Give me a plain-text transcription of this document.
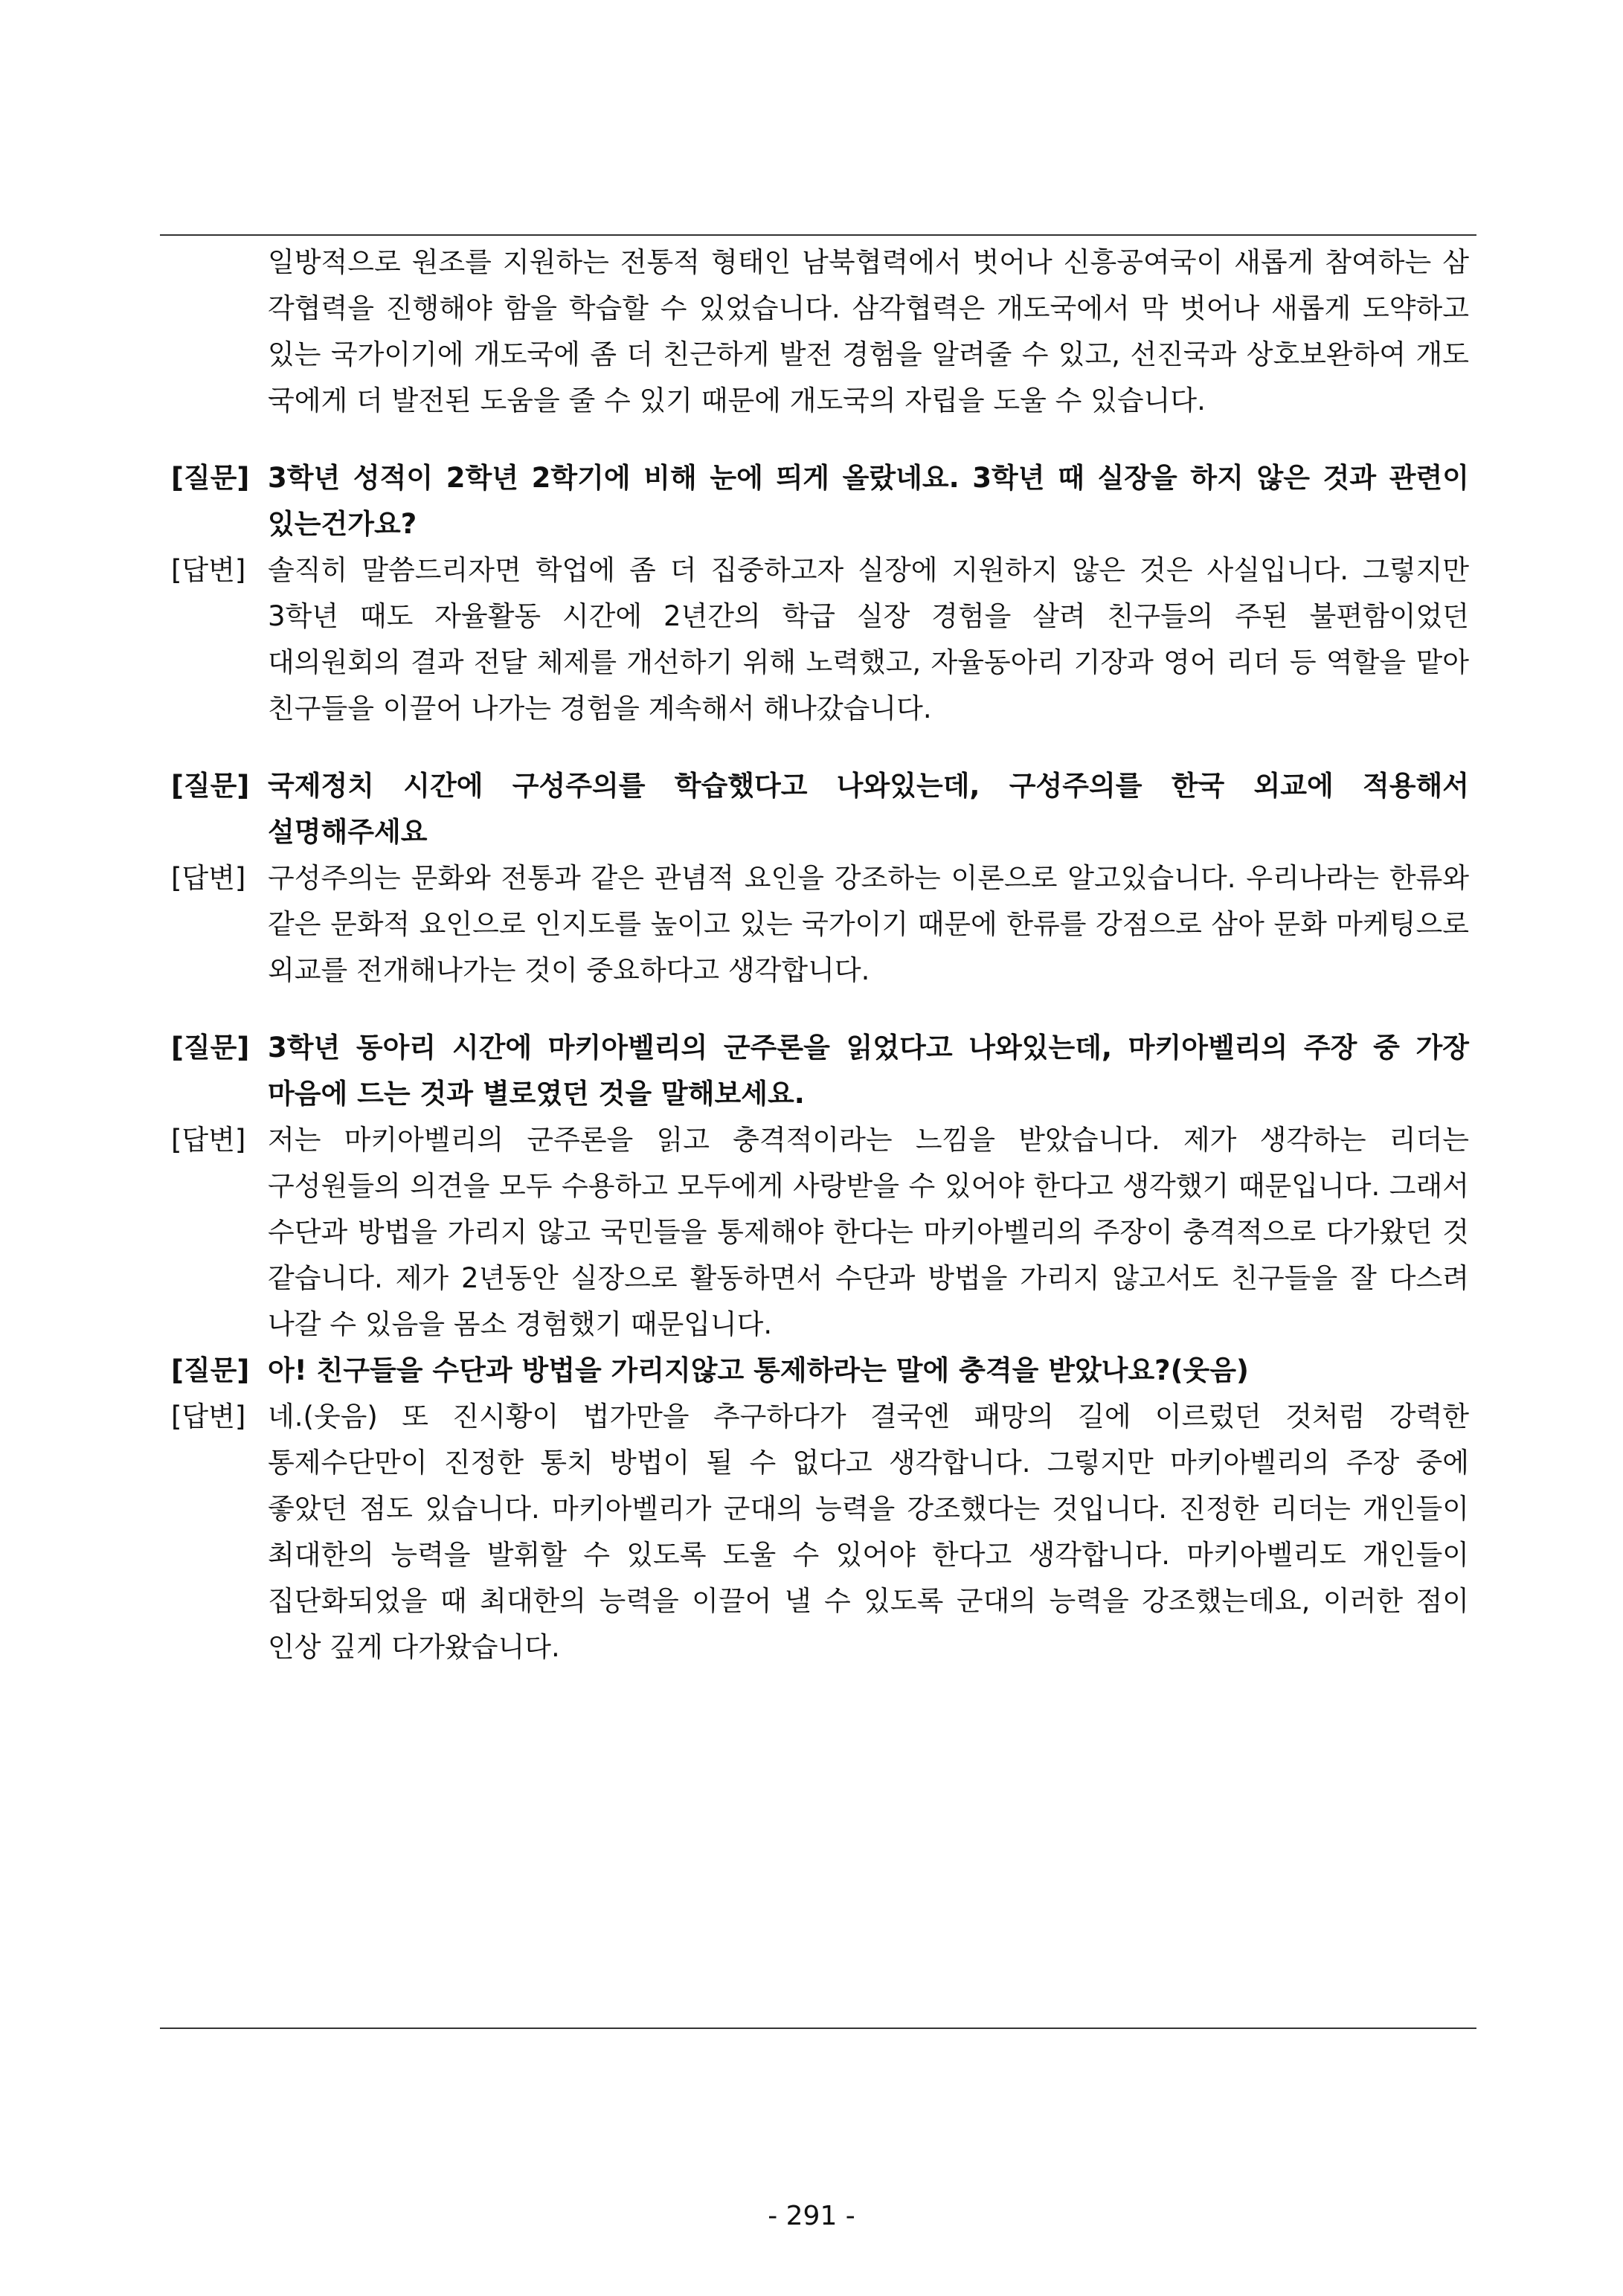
일방적으로 원조를 지원하는 전통적 형태인 남북협력에서 벗어나 신흥공여국이 새롭게 참여하는 삼각협력을 진행해야 함을 학습할 수 있었습니다. 삼각협력은 개도국에서 막 벗어나 새롭게 도약하고 있는 국가이기에 개도국에 좀 더 친근하게 발전 경험을 알려줄 수 있고, 선진국과 상호보완하여 개도국에게 더 발전된 도움을 줄 수 있기 때문에 개도국의 자립을 도울 수 있습니다.
[질문] 3학년 성적이 2학년 2학기에 비해 눈에 띄게 올랐네요. 3학년 때 실장을 하지 않은 것과 관련이 있는건가요?
[답변] 솔직히 말씀드리자면 학업에 좀 더 집중하고자 실장에 지원하지 않은 것은 사실입니다. 그렇지만 3학년 때도 자율활동 시간에 2년간의 학급 실장 경험을 살려 친구들의 주된 불편함이었던 대의원회의 결과 전달 체제를 개선하기 위해 노력했고, 자율동아리 기장과 영어 리더 등 역할을 맡아 친구들을 이끌어 나가는 경험을 계속해서 해나갔습니다.
[질문] 국제정치 시간에 구성주의를 학습했다고 나와있는데, 구성주의를 한국 외교에 적용해서 설명해주세요
[답변] 구성주의는 문화와 전통과 같은 관념적 요인을 강조하는 이론으로 알고있습니다. 우리나라는 한류와 같은 문화적 요인으로 인지도를 높이고 있는 국가이기 때문에 한류를 강점으로 삼아 문화 마케팅으로 외교를 전개해나가는 것이 중요하다고 생각합니다.
[질문] 3학년 동아리 시간에 마키아벨리의 군주론을 읽었다고 나와있는데, 마키아벨리의 주장 중 가장 마음에 드는 것과 별로였던 것을 말해보세요.
[답변] 저는 마키아벨리의 군주론을 읽고 충격적이라는 느낌을 받았습니다. 제가 생각하는 리더는 구성원들의 의견을 모두 수용하고 모두에게 사랑받을 수 있어야 한다고 생각했기 때문입니다. 그래서 수단과 방법을 가리지 않고 국민들을 통제해야 한다는 마키아벨리의 주장이 충격적으로 다가왔던 것 같습니다. 제가 2년동안 실장으로 활동하면서 수단과 방법을 가리지 않고서도 친구들을 잘 다스려 나갈 수 있음을 몸소 경험했기 때문입니다.
[질문] 아! 친구들을 수단과 방법을 가리지않고 통제하라는 말에 충격을 받았나요?(웃음)
[답변] 네.(웃음) 또 진시황이 법가만을 추구하다가 결국엔 패망의 길에 이르렀던 것처럼 강력한 통제수단만이 진정한 통치 방법이 될 수 없다고 생각합니다. 그렇지만 마키아벨리의 주장 중에 좋았던 점도 있습니다. 마키아벨리가 군대의 능력을 강조했다는 것입니다. 진정한 리더는 개인들이 최대한의 능력을 발휘할 수 있도록 도울 수 있어야 한다고 생각합니다. 마키아벨리도 개인들이 집단화되었을 때 최대한의 능력을 이끌어 낼 수 있도록 군대의 능력을 강조했는데요, 이러한 점이 인상 깊게 다가왔습니다.
- 291 -
